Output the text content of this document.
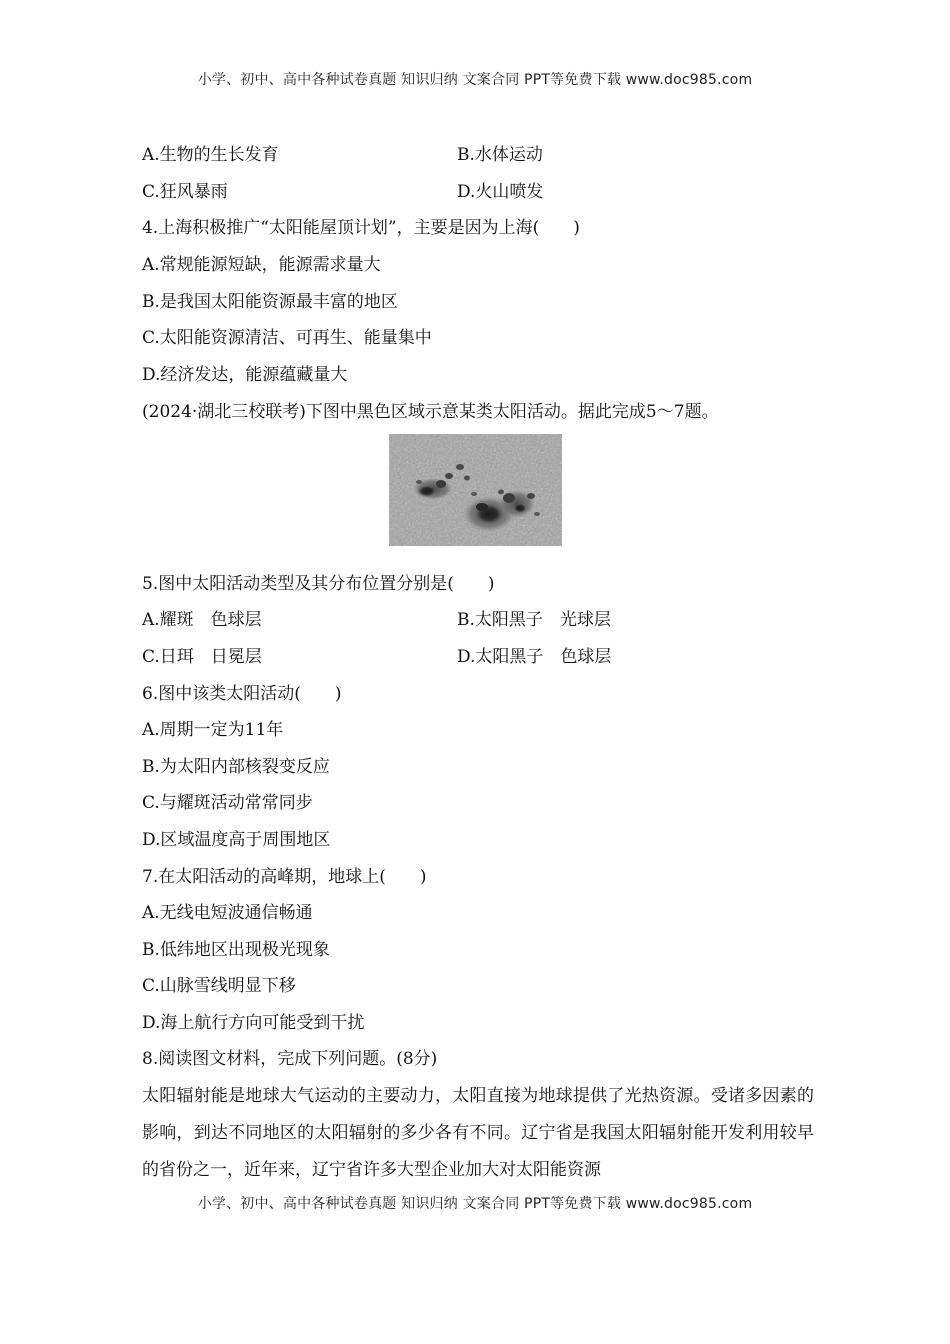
小学、初中、高中各种试卷真题 知识归纳 文案合同 PPT等免费下载 www.doc985.com
A.生物的生长发育	B.水体运动
C.狂风暴雨	D.火山喷发
4.上海积极推广“太阳能屋顶计划”，主要是因为上海(　　)
A.常规能源短缺，能源需求量大
B.是我国太阳能资源最丰富的地区
C.太阳能资源清洁、可再生、能量集中
D.经济发达，能源蕴藏量大
(2024·湖北三校联考)下图中黑色区域示意某类太阳活动。据此完成5～7题。
5.图中太阳活动类型及其分布位置分别是(　　)
A.耀斑　色球层	B.太阳黑子　光球层
C.日珥　日冕层	D.太阳黑子　色球层
6.图中该类太阳活动(　　)
A.周期一定为11年
B.为太阳内部核裂变反应
C.与耀斑活动常常同步
D.区域温度高于周围地区
7.在太阳活动的高峰期，地球上(　　)
A.无线电短波通信畅通
B.低纬地区出现极光现象
C.山脉雪线明显下移
D.海上航行方向可能受到干扰
8.阅读图文材料，完成下列问题。(8分)
太阳辐射能是地球大气运动的主要动力，太阳直接为地球提供了光热资源。受诸多因素的影响，到达不同地区的太阳辐射的多少各有不同。辽宁省是我国太阳辐射能开发利用较早的省份之一，近年来，辽宁省许多大型企业加大对太阳能资源
小学、初中、高中各种试卷真题 知识归纳 文案合同 PPT等免费下载 www.doc985.com
